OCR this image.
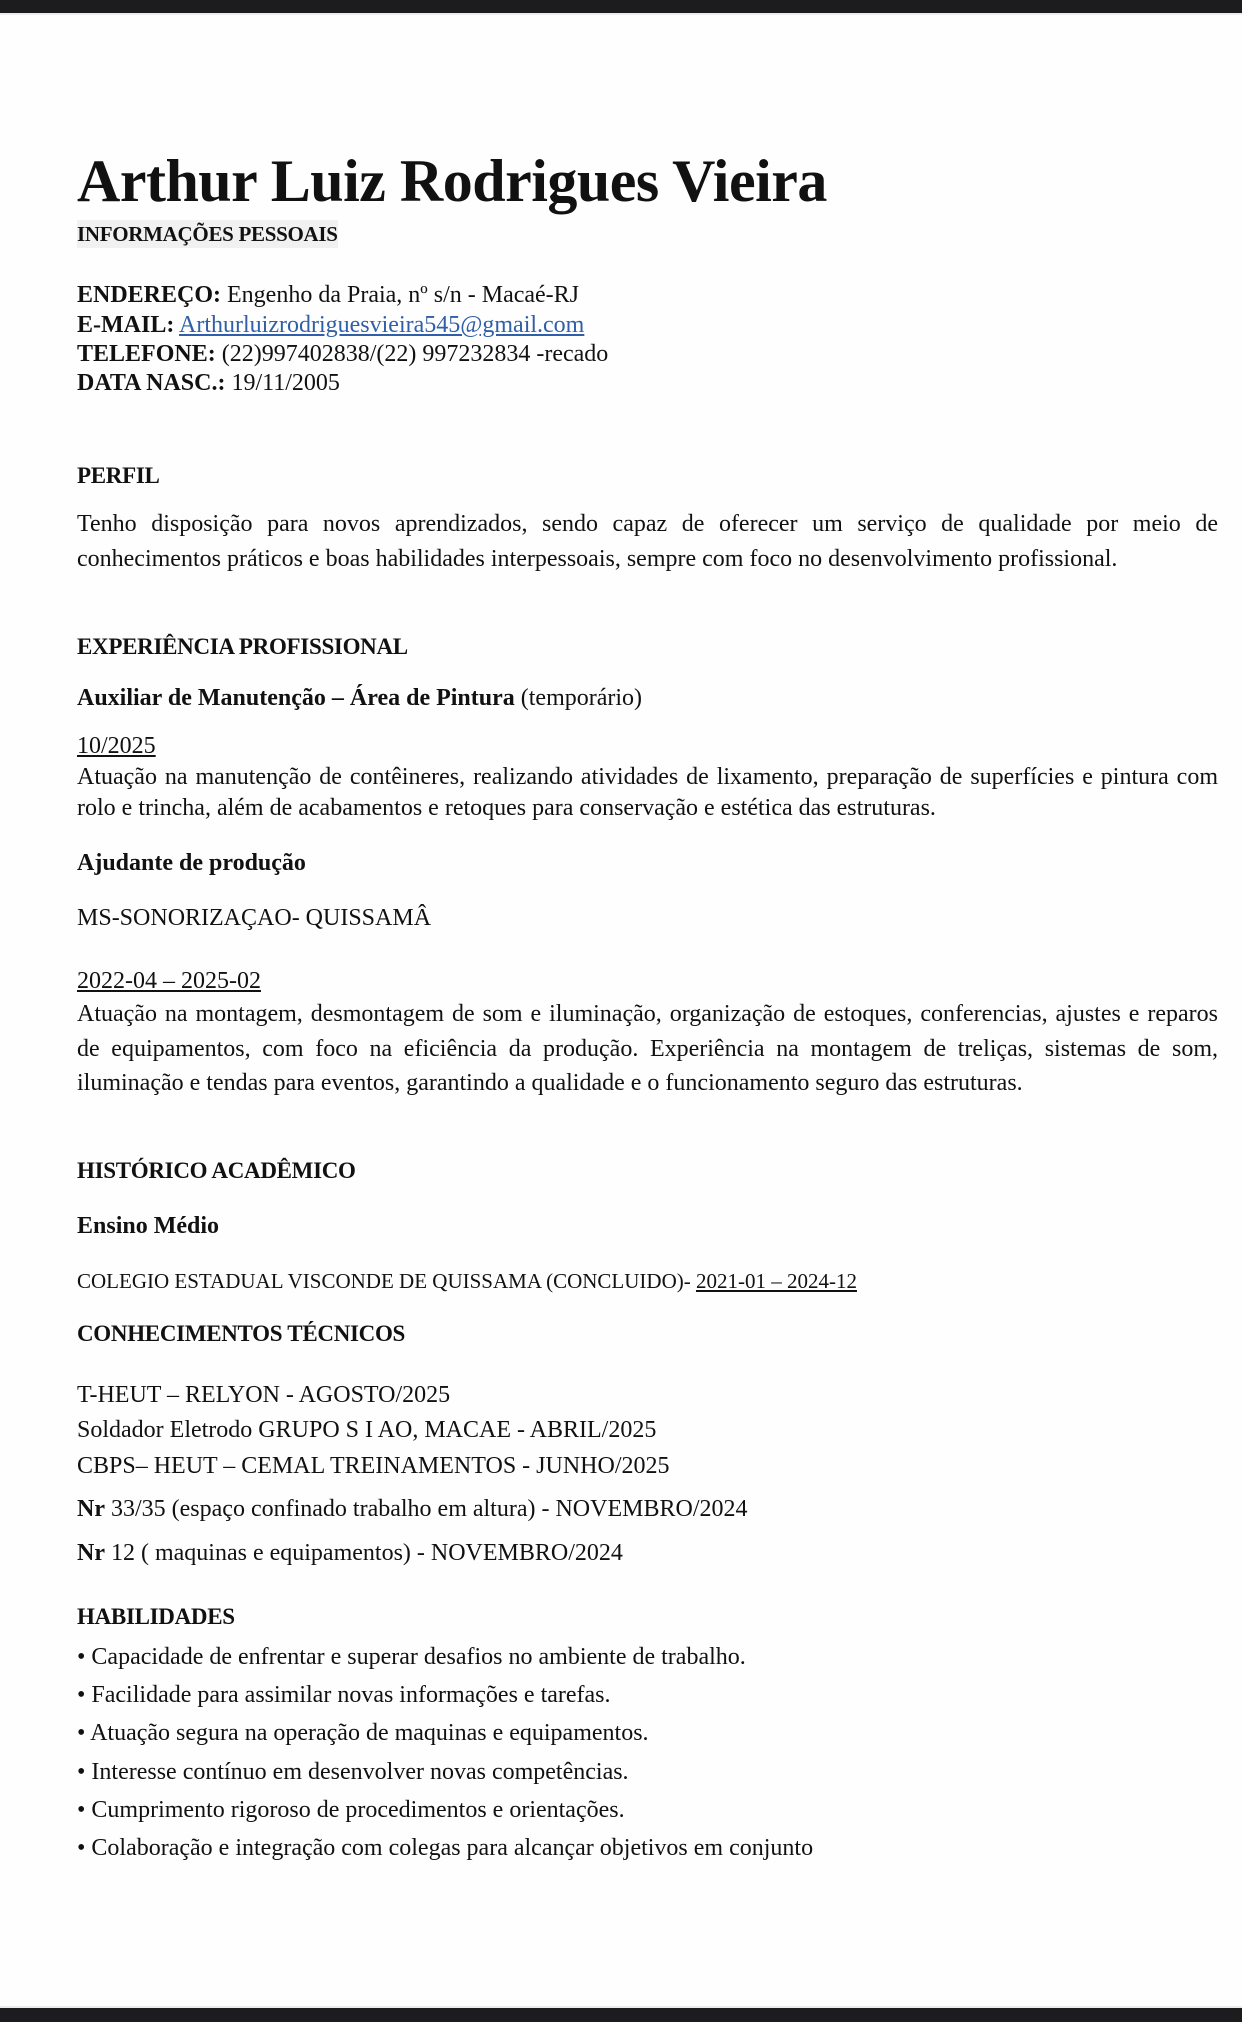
Arthur Luiz Rodrigues Vieira
INFORMAÇÕES PESSOAIS
ENDEREÇO: Engenho da Praia, nº s/n - Macaé-RJ
E-MAIL: Arthurluizrodriguesvieira545@gmail.com
TELEFONE: (22)997402838/(22) 997232834 -recado
DATA NASC.: 19/11/2005
PERFIL
Tenho disposição para novos aprendizados, sendo capaz de oferecer um serviço de qualidade por meio de conhecimentos práticos e boas habilidades interpessoais, sempre com foco no desenvolvimento profissional.
EXPERIÊNCIA PROFISSIONAL
Auxiliar de Manutenção – Área de Pintura (temporário)
10/2025
Atuação na manutenção de contêineres, realizando atividades de lixamento, preparação de superfícies e pintura com rolo e trincha, além de acabamentos e retoques para conservação e estética das estruturas.
Ajudante de produção
MS-SONORIZAÇAO- QUISSAMÂ
2022-04 – 2025-02
Atuação na montagem, desmontagem de som e iluminação, organização de estoques, conferencias, ajustes e reparos de equipamentos, com foco na eficiência da produção. Experiência na montagem de treliças, sistemas de som, iluminação e tendas para eventos, garantindo a qualidade e o funcionamento seguro das estruturas.
HISTÓRICO ACADÊMICO
Ensino Médio
COLEGIO ESTADUAL VISCONDE DE QUISSAMA (CONCLUIDO)- 2021-01 – 2024-12
CONHECIMENTOS TÉCNICOS
T-HEUT – RELYON - AGOSTO/2025
Soldador Eletrodo GRUPO S I AO, MACAE - ABRIL/2025
CBPS– HEUT – CEMAL TREINAMENTOS - JUNHO/2025
Nr 33/35 (espaço confinado trabalho em altura) - NOVEMBRO/2024
Nr 12 ( maquinas e equipamentos) - NOVEMBRO/2024
HABILIDADES
• Capacidade de enfrentar e superar desafios no ambiente de trabalho.
• Facilidade para assimilar novas informações e tarefas.
• Atuação segura na operação de maquinas e equipamentos.
• Interesse contínuo em desenvolver novas competências.
• Cumprimento rigoroso de procedimentos e orientações.
• Colaboração e integração com colegas para alcançar objetivos em conjunto
